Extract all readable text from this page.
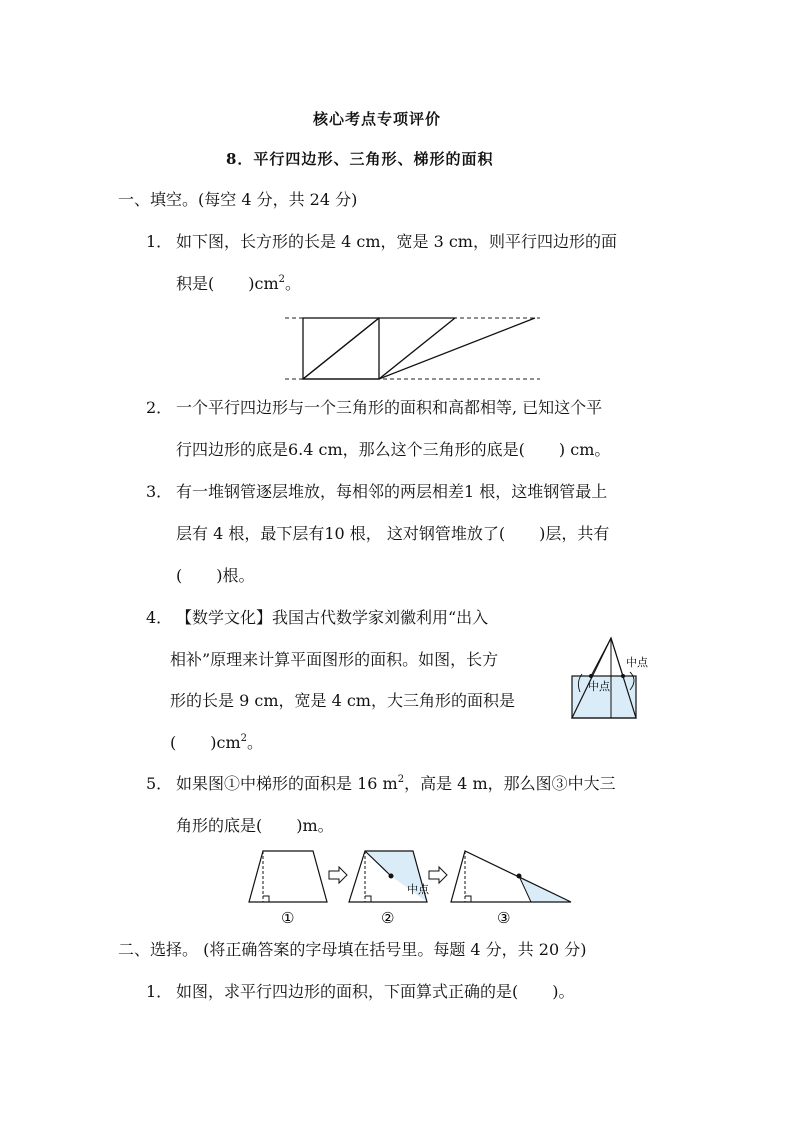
核心考点专项评价
8．平行四边形、三角形、梯形的面积
一、填空。(每空 4 分，共 24 分)
1． 如下图，长方形的长是 4 cm，宽是 3 cm，则平行四边形的面
积是( )$cm^2$。
2． 一个平行四边形与一个三角形的面积和高都相等, 已知这个平
行四边形的底是6.4 cm，那么这个三角形的底是( ) cm。
3． 有一堆钢管逐层堆放，每相邻的两层相差1 根，这堆钢管最上
层有 4 根，最下层有10 根， 这对钢管堆放了( )层，共有
( )根。
4． 【数学文化】我国古代数学家刘徽利用“出入
相补”原理来计算平面图形的面积。如图，长方
形的长是 9 cm，宽是 4 cm，大三角形的面积是
( )$cm^2$。
中点
中点
5． 如果图①中梯形的面积是 16 $m^2$，高是 4 m，那么图③中大三
角形的底是( )m。
中点
①	②	③
二、选择。 (将正确答案的字母填在括号里。每题 4 分，共 20 分)
1． 如图，求平行四边形的面积，下面算式正确的是( )。
